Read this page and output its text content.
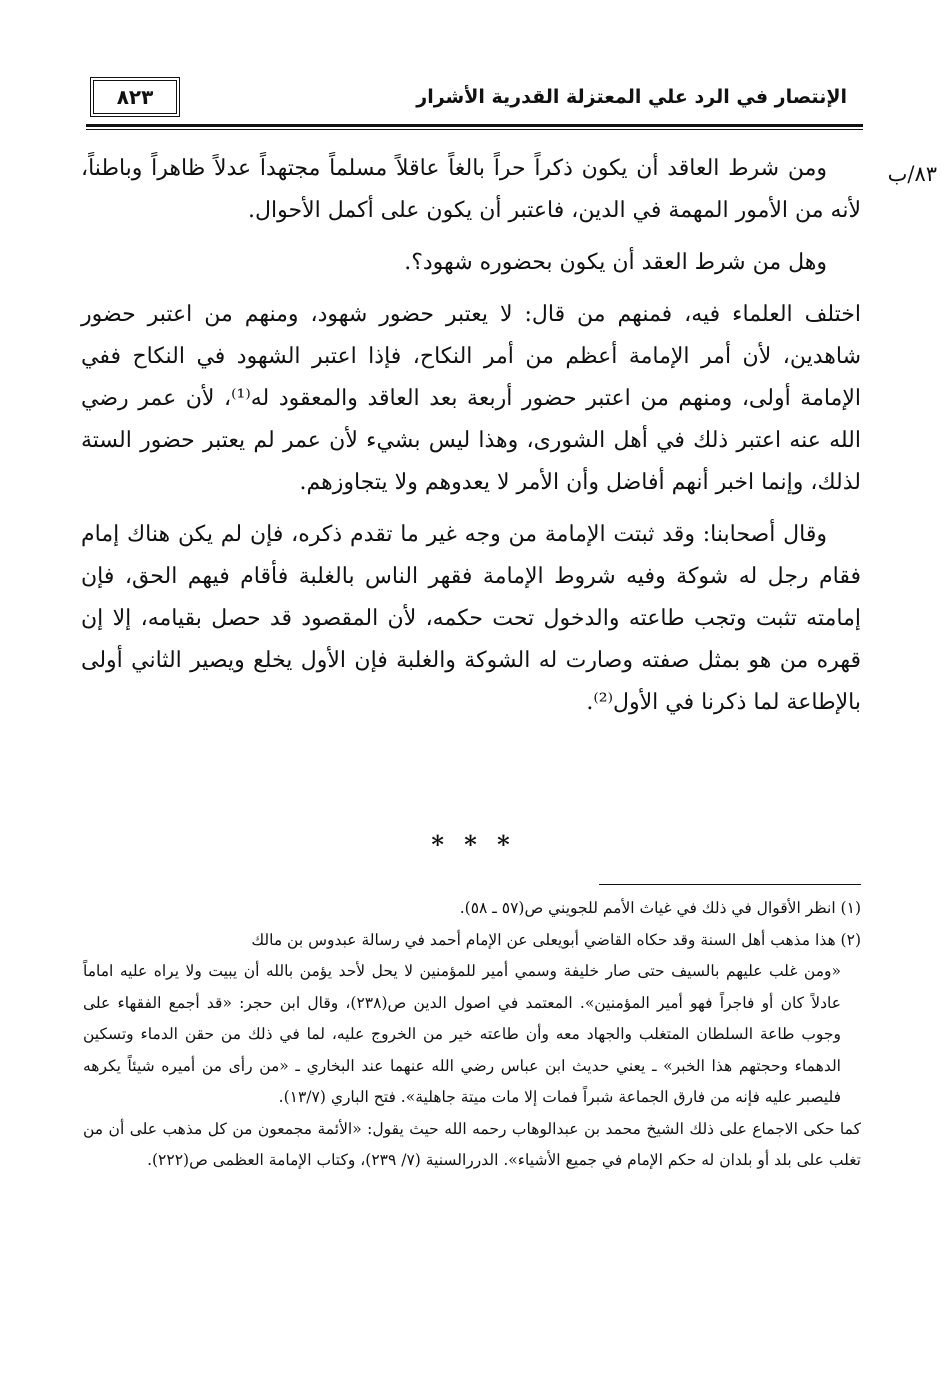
الإنتصار في الرد علي المعتزلة القدرية الأشرار
٨٢٣
٨٣/ب

ومن شرط العاقد أن يكون ذكراً حراً بالغاً عاقلاً مسلماً مجتهداً عدلاً ظاهراً وباطناً، لأنه من الأمور المهمة في الدين، فاعتبر أن يكون على أكمل الأحوال.

وهل من شرط العقد أن يكون بحضوره شهود؟.

اختلف العلماء فيه، فمنهم من قال: لا يعتبر حضور شهود، ومنهم من اعتبر حضور شاهدين، لأن أمر الإمامة أعظم من أمر النكاح، فإذا اعتبر الشهود في النكاح ففي الإمامة أولى، ومنهم من اعتبر حضور أربعة بعد العاقد والمعقود له⁽¹⁾، لأن عمر رضي الله عنه اعتبر ذلك في أهل الشورى، وهذا ليس بشيء لأن عمر لم يعتبر حضور الستة لذلك، وإنما اخبر أنهم أفاضل وأن الأمر لا يعدوهم ولا يتجاوزهم.

وقال أصحابنا: وقد ثبتت الإمامة من وجه غير ما تقدم ذكره، فإن لم يكن هناك إمام فقام رجل له شوكة وفيه شروط الإمامة فقهر الناس بالغلبة فأقام فيهم الحق، فإن إمامته تثبت وتجب طاعته والدخول تحت حكمه، لأن المقصود قد حصل بقيامه، إلا إن قهره من هو بمثل صفته وصارت له الشوكة والغلبة فإن الأول يخلع ويصير الثاني أولى بالإطاعة لما ذكرنا في الأول⁽²⁾.

* * *

(١) انظر الأقوال في ذلك في غياث الأمم للجويني ص(٥٧ ـ ٥٨).

(٢) هذا مذهب أهل السنة وقد حكاه القاضي أبويعلى عن الإمام أحمد في رسالة عبدوس بن مالك

«ومن غلب عليهم بالسيف حتى صار خليفة وسمي أمير للمؤمنين لا يحل لأحد يؤمن بالله أن يبيت ولا يراه عليه اماماً عادلاً كان أو فاجراً فهو أمير المؤمنين». المعتمد في اصول الدين ص(٢٣٨)، وقال ابن حجر: «قد أجمع الفقهاء على وجوب طاعة السلطان المتغلب والجهاد معه وأن طاعته خير من الخروج عليه، لما في ذلك من حقن الدماء وتسكين الدهماء وحجتهم هذا الخبر» ـ يعني حديث ابن عباس رضي الله عنهما عند البخاري ـ «من رأى من أميره شيئاً يكرهه فليصبر عليه فإنه من فارق الجماعة شبراً فمات إلا مات ميتة جاهلية». فتح الباري (١٣/٧).

كما حكى الاجماع على ذلك الشيخ محمد بن عبدالوهاب رحمه الله حيث يقول: «الأئمة مجمعون من كل مذهب على أن من تغلب على بلد أو بلدان له حكم الإمام في جميع الأشياء». الدررالسنية (٧/ ٢٣٩)، وكتاب الإمامة العظمى ص(٢٢٢).
